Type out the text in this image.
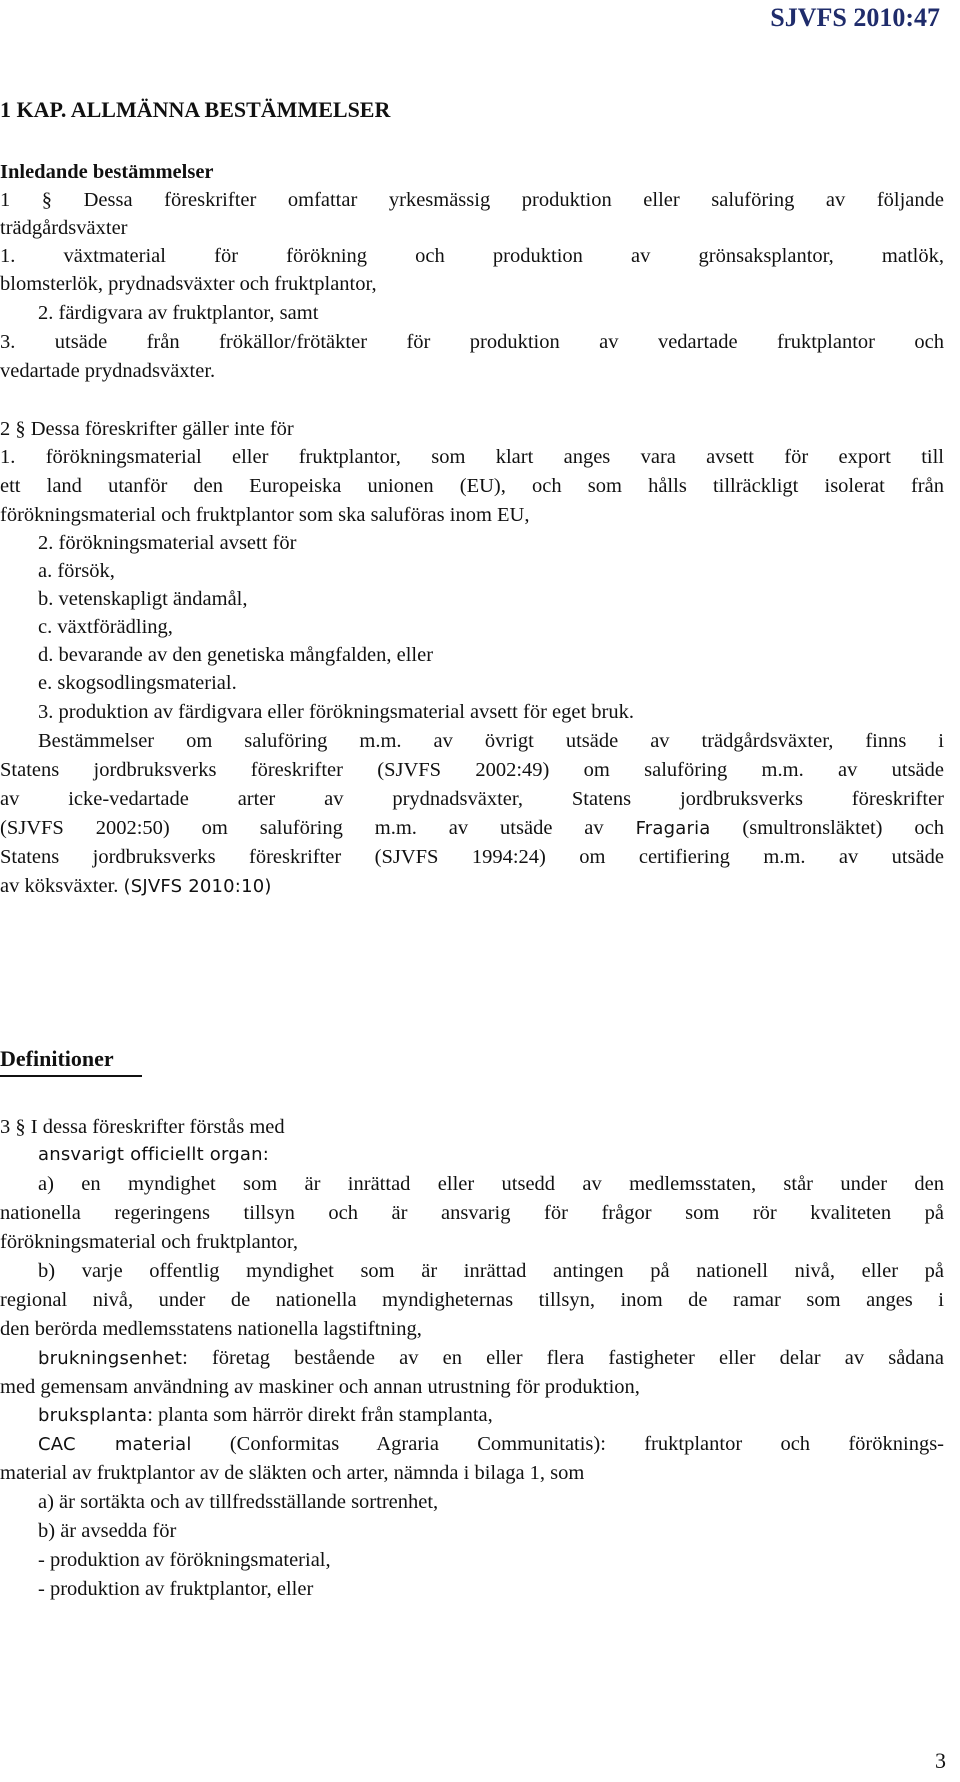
SJVFS 2010:47
1 KAP. ALLMÄNNA BESTÄMMELSER
Inledande bestämmelser
1 § Dessa föreskrifter omfattar yrkesmässig produktion eller saluföring av följande
trädgårdsväxter
1. växtmaterial för förökning och produktion av grönsaksplantor, matlök,
blomsterlök, prydnadsväxter och fruktplantor,
2. färdigvara av fruktplantor, samt
3. utsäde från frökällor/frötäkter för produktion av vedartade fruktplantor och
vedartade prydnadsväxter.
2 § Dessa föreskrifter gäller inte för
1. förökningsmaterial eller fruktplantor, som klart anges vara avsett för export till
ett land utanför den Europeiska unionen (EU), och som hålls tillräckligt isolerat från
förökningsmaterial och fruktplantor som ska saluföras inom EU,
2. förökningsmaterial avsett för
a. försök,
b. vetenskapligt ändamål,
c. växtförädling,
d. bevarande av den genetiska mångfalden, eller
e. skogsodlingsmaterial.
3. produktion av färdigvara eller förökningsmaterial avsett för eget bruk.
Bestämmelser om saluföring m.m. av övrigt utsäde av trädgårdsväxter, finns i
Statens jordbruksverks föreskrifter (SJVFS 2002:49) om saluföring m.m. av utsäde
av icke-vedartade arter av prydnadsväxter, Statens jordbruksverks föreskrifter
(SJVFS 2002:50) om saluföring m.m. av utsäde av Fragaria (smultronsläktet) och
Statens jordbruksverks föreskrifter (SJVFS 1994:24) om certifiering m.m. av utsäde
av köksväxter. (SJVFS 2010:10)
Definitioner
3 § I dessa föreskrifter förstås med
ansvarigt officiellt organ:
a) en myndighet som är inrättad eller utsedd av medlemsstaten, står under den
nationella regeringens tillsyn och är ansvarig för frågor som rör kvaliteten på
förökningsmaterial och fruktplantor,
b) varje offentlig myndighet som är inrättad antingen på nationell nivå, eller på
regional nivå, under de nationella myndigheternas tillsyn, inom de ramar som anges i
den berörda medlemsstatens nationella lagstiftning,
brukningsenhet: företag bestående av en eller flera fastigheter eller delar av sådana
med gemensam användning av maskiner och annan utrustning för produktion,
bruksplanta: planta som härrör direkt från stamplanta,
CAC material (Conformitas Agraria Communitatis): fruktplantor och föröknings-
material av fruktplantor av de släkten och arter, nämnda i bilaga 1, som
a) är sortäkta och av tillfredsställande sortrenhet,
b) är avsedda för
- produktion av förökningsmaterial,
- produktion av fruktplantor, eller
3
